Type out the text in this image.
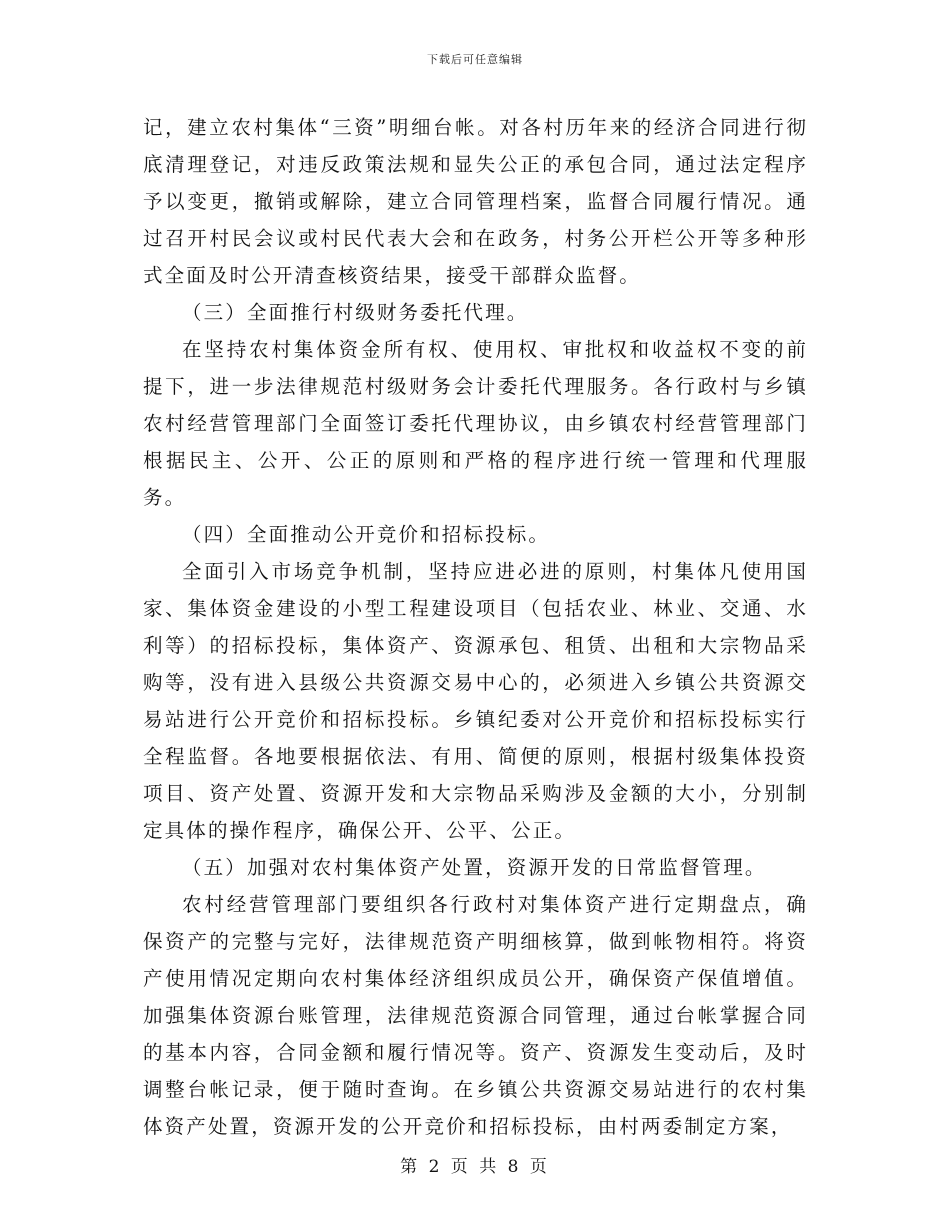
下载后可任意编辑

记，建立农村集体“三资”明细台帐。对各村历年来的经济合同进行彻底清理登记，对违反政策法规和显失公正的承包合同，通过法定程序予以变更，撤销或解除，建立合同管理档案，监督合同履行情况。通过召开村民会议或村民代表大会和在政务，村务公开栏公开等多种形式全面及时公开清查核资结果，接受干部群众监督。

（三）全面推行村级财务委托代理。

在坚持农村集体资金所有权、使用权、审批权和收益权不变的前提下，进一步法律规范村级财务会计委托代理服务。各行政村与乡镇农村经营管理部门全面签订委托代理协议，由乡镇农村经营管理部门根据民主、公开、公正的原则和严格的程序进行统一管理和代理服务。

（四）全面推动公开竞价和招标投标。

全面引入市场竞争机制，坚持应进必进的原则，村集体凡使用国家、集体资金建设的小型工程建设项目（包括农业、林业、交通、水利等）的招标投标，集体资产、资源承包、租赁、出租和大宗物品采购等，没有进入县级公共资源交易中心的，必须进入乡镇公共资源交易站进行公开竞价和招标投标。乡镇纪委对公开竞价和招标投标实行全程监督。各地要根据依法、有用、简便的原则，根据村级集体投资项目、资产处置、资源开发和大宗物品采购涉及金额的大小，分别制定具体的操作程序，确保公开、公平、公正。

（五）加强对农村集体资产处置，资源开发的日常监督管理。

农村经营管理部门要组织各行政村对集体资产进行定期盘点，确保资产的完整与完好，法律规范资产明细核算，做到帐物相符。将资产使用情况定期向农村集体经济组织成员公开，确保资产保值增值。加强集体资源台账管理，法律规范资源合同管理，通过台帐掌握合同的基本内容，合同金额和履行情况等。资产、资源发生变动后，及时调整台帐记录，便于随时查询。在乡镇公共资源交易站进行的农村集体资产处置，资源开发的公开竞价和招标投标，由村两委制定方案，

第 2 页 共 8 页
